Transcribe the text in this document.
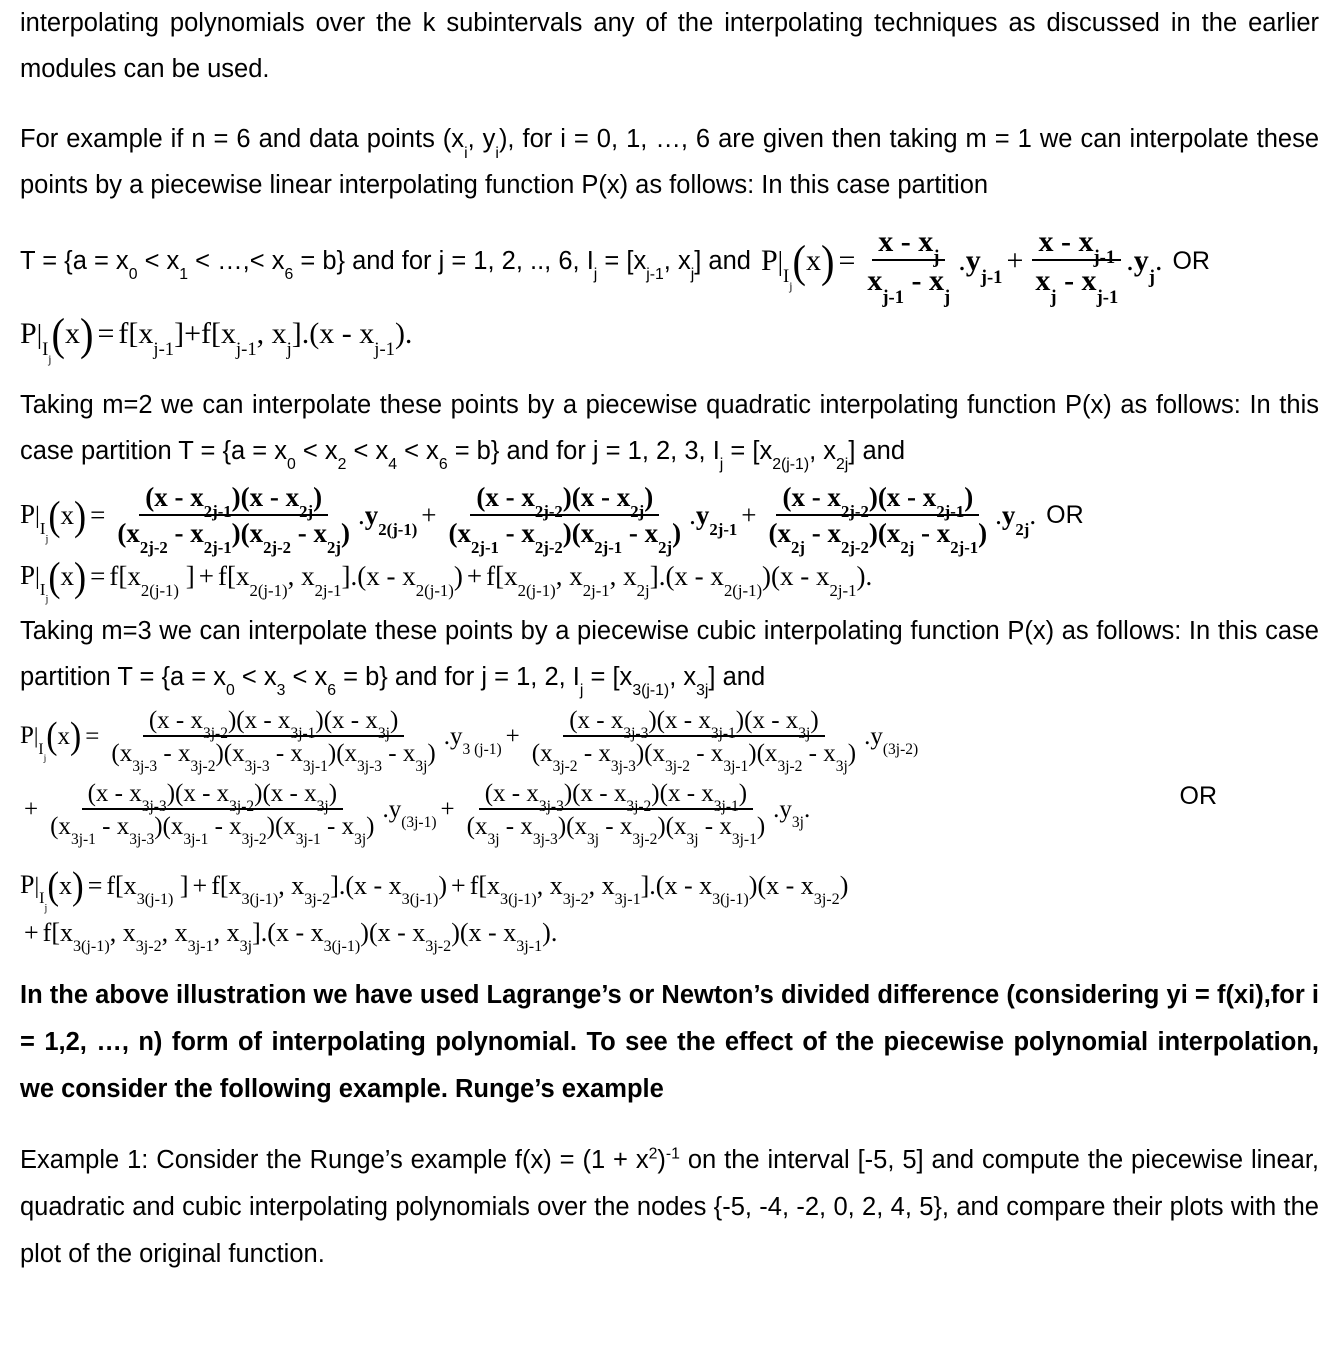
interpolating polynomials over the k subintervals any of the interpolating techniques as discussed in the earlier modules can be used.
For example if n = 6 and data points ($x_i$, $y_i$), for i = 0, 1, …, 6 are given then taking m = 1 we can interpolate these points by a piecewise linear interpolating function P(x) as follows: In this case partition
$T = \{a = x_0 < x_1$ < …,< $x_6 = b$} and for j = 1, 2, .., 6, $I_j = [x_{j-1}$, $x_j$] and $P|_{I_j}$
( x ) = $\frac{x - x_j}{x_{j-1} - x_j}$ . $y_{j-1} + \frac{x - x_{j-1}}{x_j - x_{j-1}}$ . $y_j$ . OR
$P|_{I_j}$
( x ) = $f[x_{j-1}] + f[x_{j-1}$, $x_j].(x - x_{j-1})$.
Taking m=2 we can interpolate these points by a piecewise quadratic interpolating function P(x) as follows: In this case partition $T = \{a = x_0 < x_2 < x_4 < x_6 = b\}$ and for j = 1, 2, 3, $I_j = [x_{2(j-1)}$, $x_{2j}$] and
$P|_{I_j}$
( x ) = $\frac{(x - x_{2j-1})(x - x_{2j})}{(x_{2j-2} - x_{2j-1})(x_{2j-2} - x_{2j})}$ . $y_{2(j-1)} + \frac{(x - x_{2j-2})(x - x_{2j})}{(x_{2j-1} - x_{2j-2})(x_{2j-1} - x_{2j})}$ . $y_{2j-1} + \frac{(x - x_{2j-2})(x - x_{2j-1})}{(x_{2j} - x_{2j-2})(x_{2j} - x_{2j-1})}$ . $y_{2j}$ . OR
$P|_{I_j}$
( x ) = $f[x_{2(j-1)}$ ] + $f[x_{2(j-1)}$, $x_{2j-1}].(x - x_{2(j-1)}) + f[x_{2(j-1)}$, $x_{2j-1}$, $x_{2j}].(x - x_{2(j-1)})(x - x_{2j-1})$.
Taking m=3 we can interpolate these points by a piecewise cubic interpolating function P(x) as follows: In this case partition $T = \{a = x_0 < x_3 < x_6 = b\}$ and for j = 1, 2, $I_j = [x_{3(j-1)}$, $x_{3j}$] and
$P|_{I_j}$
( x ) = $\frac{(x - x_{3j-2})(x - x_{3j-1})(x - x_{3j})}{(x_{3j-3} - x_{3j-2})(x_{3j-3} - x_{3j-1})(x_{3j-3} - x_{3j})}$ . $y_{3 (j-1)} + \frac{(x - x_{3j-3})(x - x_{3j-1})(x - x_{3j})}{(x_{3j-2} - x_{3j-3})(x_{3j-2} - x_{3j-1})(x_{3j-2} - x_{3j})}$ . $y_{(3j-2)}$
OR
+ $\frac{(x - x_{3j-3})(x - x_{3j-2})(x - x_{3j})}{(x_{3j-1} - x_{3j-3})(x_{3j-1} - x_{3j-2})(x_{3j-1} - x_{3j})}$ . $y_{(3j-1)} + \frac{(x - x_{3j-3})(x - x_{3j-2})(x - x_{3j-1})}{(x_{3j} - x_{3j-3})(x_{3j} - x_{3j-2})(x_{3j} - x_{3j-1})}$ . $y_{3j}$.
$P|_{I_j}$
( x ) = $f[x_{3(j-1)}$ ] + $f[x_{3(j-1)}$, $x_{3j-2}].(x - x_{3(j-1)}) + f[x_{3(j-1)}$, $x_{3j-2}$, $x_{3j-1}].(x - x_{3(j-1)})(x - x_{3j-2})$
+ $f[x_{3(j-1)}$, $x_{3j-2}$, $x_{3j-1}$, $x_{3j}].(x - x_{3(j-1)})(x - x_{3j-2})(x - x_{3j-1})$.
In the above illustration we have used Lagrange’s or Newton’s divided difference (considering yi = f(xi),for i = 1,2, …, n) form of interpolating polynomial. To see the effect of the piecewise polynomial interpolation, we consider the following example. Runge’s example
Example 1: Consider the Runge’s example $f(x) = (1 + x^2)^{-1}$ on the interval [-5, 5] and compute the piecewise linear, quadratic and cubic interpolating polynomials over the nodes {-5, -4, -2, 0, 2, 4, 5}, and compare their plots with the plot of the original function.
